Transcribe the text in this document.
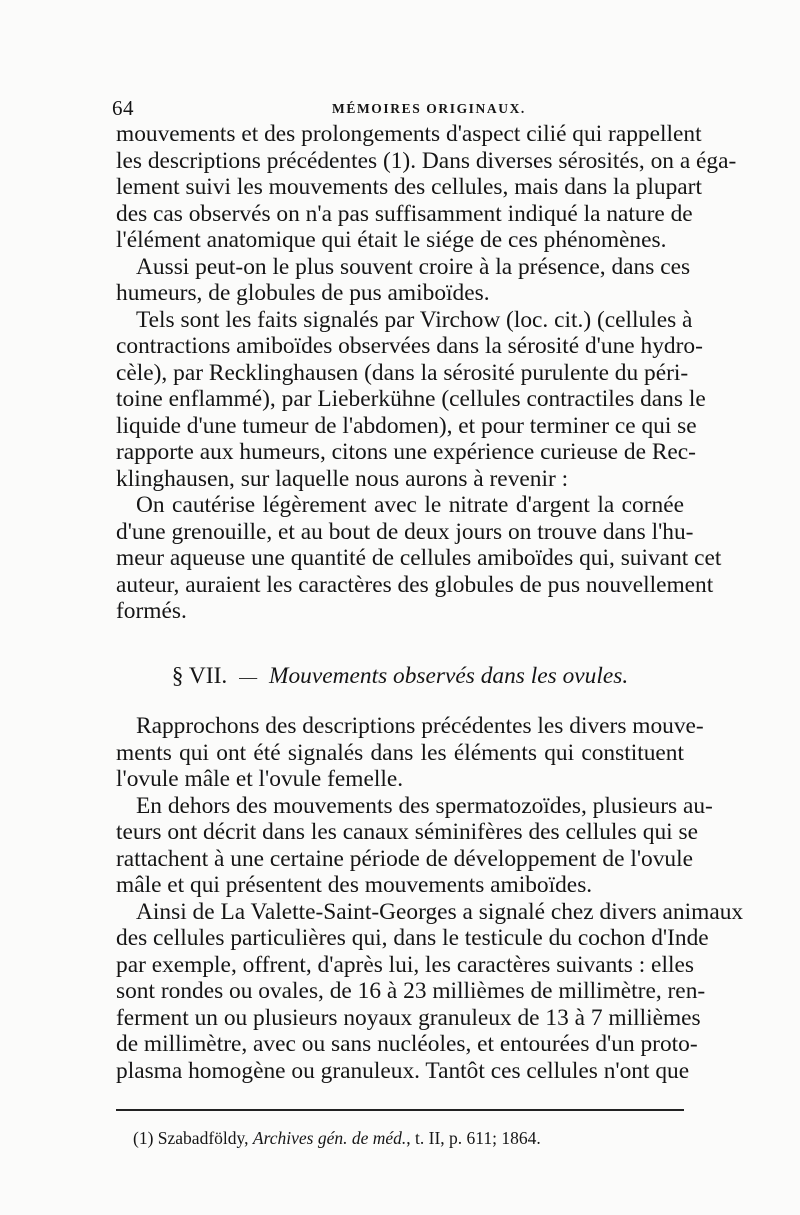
64	MÉMOIRES ORIGINAUX.
mouvements et des prolongements d'aspect cilié qui rappellent
les descriptions précédentes (1). Dans diverses sérosités, on a éga-
lement suivi les mouvements des cellules, mais dans la plupart
des cas observés on n'a pas suffisamment indiqué la nature de
l'élément anatomique qui était le siége de ces phénomènes.
Aussi peut-on le plus souvent croire à la présence, dans ces
humeurs, de globules de pus amiboïdes.
Tels sont les faits signalés par Virchow (loc. cit.) (cellules à
contractions amiboïdes observées dans la sérosité d'une hydro-
cèle), par Recklinghausen (dans la sérosité purulente du péri-
toine enflammé), par Lieberkühne (cellules contractiles dans le
liquide d'une tumeur de l'abdomen), et pour terminer ce qui se
rapporte aux humeurs, citons une expérience curieuse de Rec-
klinghausen, sur laquelle nous aurons à revenir :
On cautérise légèrement avec le nitrate d'argent la cornée
d'une grenouille, et au bout de deux jours on trouve dans l'hu-
meur aqueuse une quantité de cellules amiboïdes qui, suivant cet
auteur, auraient les caractères des globules de pus nouvellement
formés.
§ VII. — Mouvements observés dans les ovules.
Rapprochons des descriptions précédentes les divers mouve-
ments qui ont été signalés dans les éléments qui constituent
l'ovule mâle et l'ovule femelle.
En dehors des mouvements des spermatozoïdes, plusieurs au-
teurs ont décrit dans les canaux séminifères des cellules qui se
rattachent à une certaine période de développement de l'ovule
mâle et qui présentent des mouvements amiboïdes.
Ainsi de La Valette-Saint-Georges a signalé chez divers animaux
des cellules particulières qui, dans le testicule du cochon d'Inde
par exemple, offrent, d'après lui, les caractères suivants : elles
sont rondes ou ovales, de 16 à 23 millièmes de millimètre, ren-
ferment un ou plusieurs noyaux granuleux de 13 à 7 millièmes
de millimètre, avec ou sans nucléoles, et entourées d'un proto-
plasma homogène ou granuleux. Tantôt ces cellules n'ont que
(1) Szabadföldy, Archives gén. de méd., t. II, p. 611; 1864.
